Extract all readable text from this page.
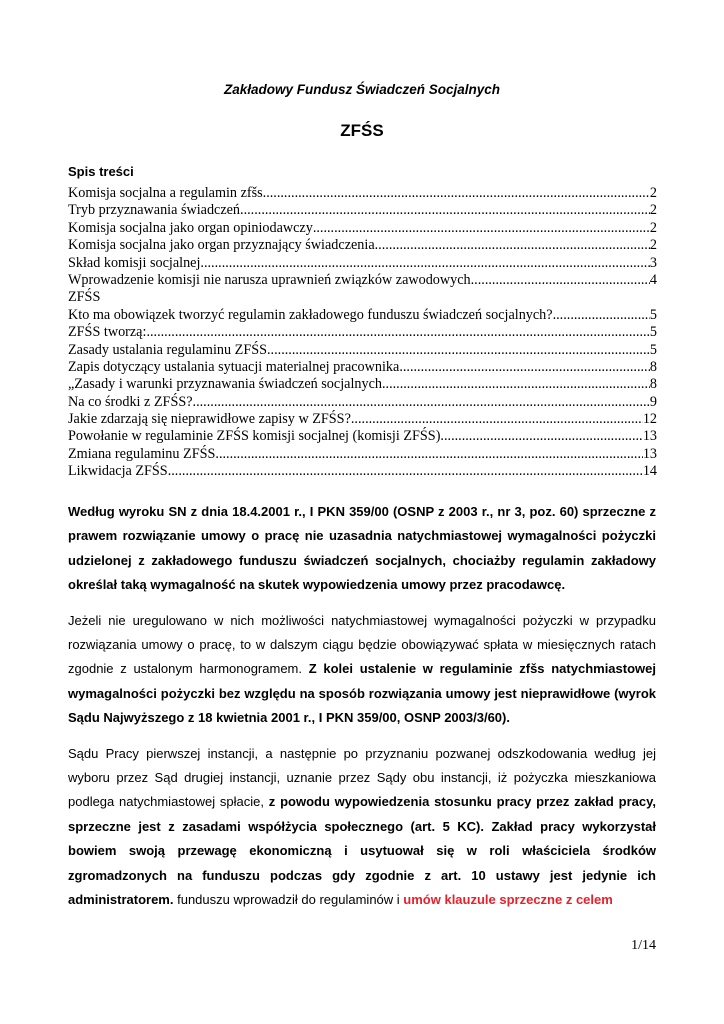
Zakładowy Fundusz Świadczeń Socjalnych
ZFŚS
Spis treści
Komisja socjalna a regulamin zfšs .....	2
Tryb przyznawania świadczeń .....	2
Komisja socjalna jako organ opiniodawczy .....	2
Komisja socjalna jako organ przyznający świadczenia .....	2
Skład komisji socjalnej .....	3
Wprowadzenie komisji nie narusza uprawnień związków zawodowych .....	4
ZFŚS
Kto ma obowiązek tworzyć regulamin zakładowego funduszu świadczeń socjalnych? .....	5
ZFŚS tworzą: .....	5
Zasady ustalania regulaminu ZFŚS .....	5
Zapis dotyczący ustalania sytuacji materialnej pracownika .....	8
„Zasady i warunki przyznawania świadczeń socjalnych .....	8
Na co środki z ZFŚS? .....	9
Jakie zdarzają się nieprawidłowe zapisy w ZFŚS? .....	12
Powołanie w regulaminie ZFŚS komisji socjalnej (komisji ZFŚS) .....	13
Zmiana regulaminu ZFŚS .....	13
Likwidacja ZFŚS .....	14

Według wyroku SN z dnia 18.4.2001 r., I PKN 359/00 (OSNP z 2003 r., nr 3, poz. 60) sprzeczne z prawem rozwiązanie umowy o pracę nie uzasadnia natychmiastowej wymagalności pożyczki udzielonej z zakładowego funduszu świadczeń socjalnych, chociażby regulamin zakładowy określał taką wymagalność na skutek wypowiedzenia umowy przez pracodawcę.

Jeżeli nie uregulowano w nich możliwości natychmiastowej wymagalności pożyczki w przypadku rozwiązania umowy o pracę, to w dalszym ciągu będzie obowiązywać spłata w miesięcznych ratach zgodnie z ustalonym harmonogramem. Z kolei ustalenie w regulaminie zfšs natychmiastowej wymagalności pożyczki bez względu na sposób rozwiązania umowy jest nieprawidłowe (wyrok Sądu Najwyższego z 18 kwietnia 2001 r., I PKN 359/00, OSNP 2003/3/60).

Sądu Pracy pierwszej instancji, a następnie po przyznaniu pozwanej odszkodowania według jej wyboru przez Sąd drugiej instancji, uznanie przez Sądy obu instancji, iż pożyczka mieszkaniowa podlega natychmiastowej spłacie, z powodu wypowiedzenia stosunku pracy przez zakład pracy, sprzeczne jest z zasadami współżycia społecznego (art. 5 KC). Zakład pracy wykorzystał bowiem swoją przewagę ekonomiczną i usytuował się w roli właściciela środków zgromadzonych na funduszu podczas gdy zgodnie z art. 10 ustawy jest jedynie ich administratorem. funduszu wprowadził do regulaminów i umów klauzule sprzeczne z celem

1/14
